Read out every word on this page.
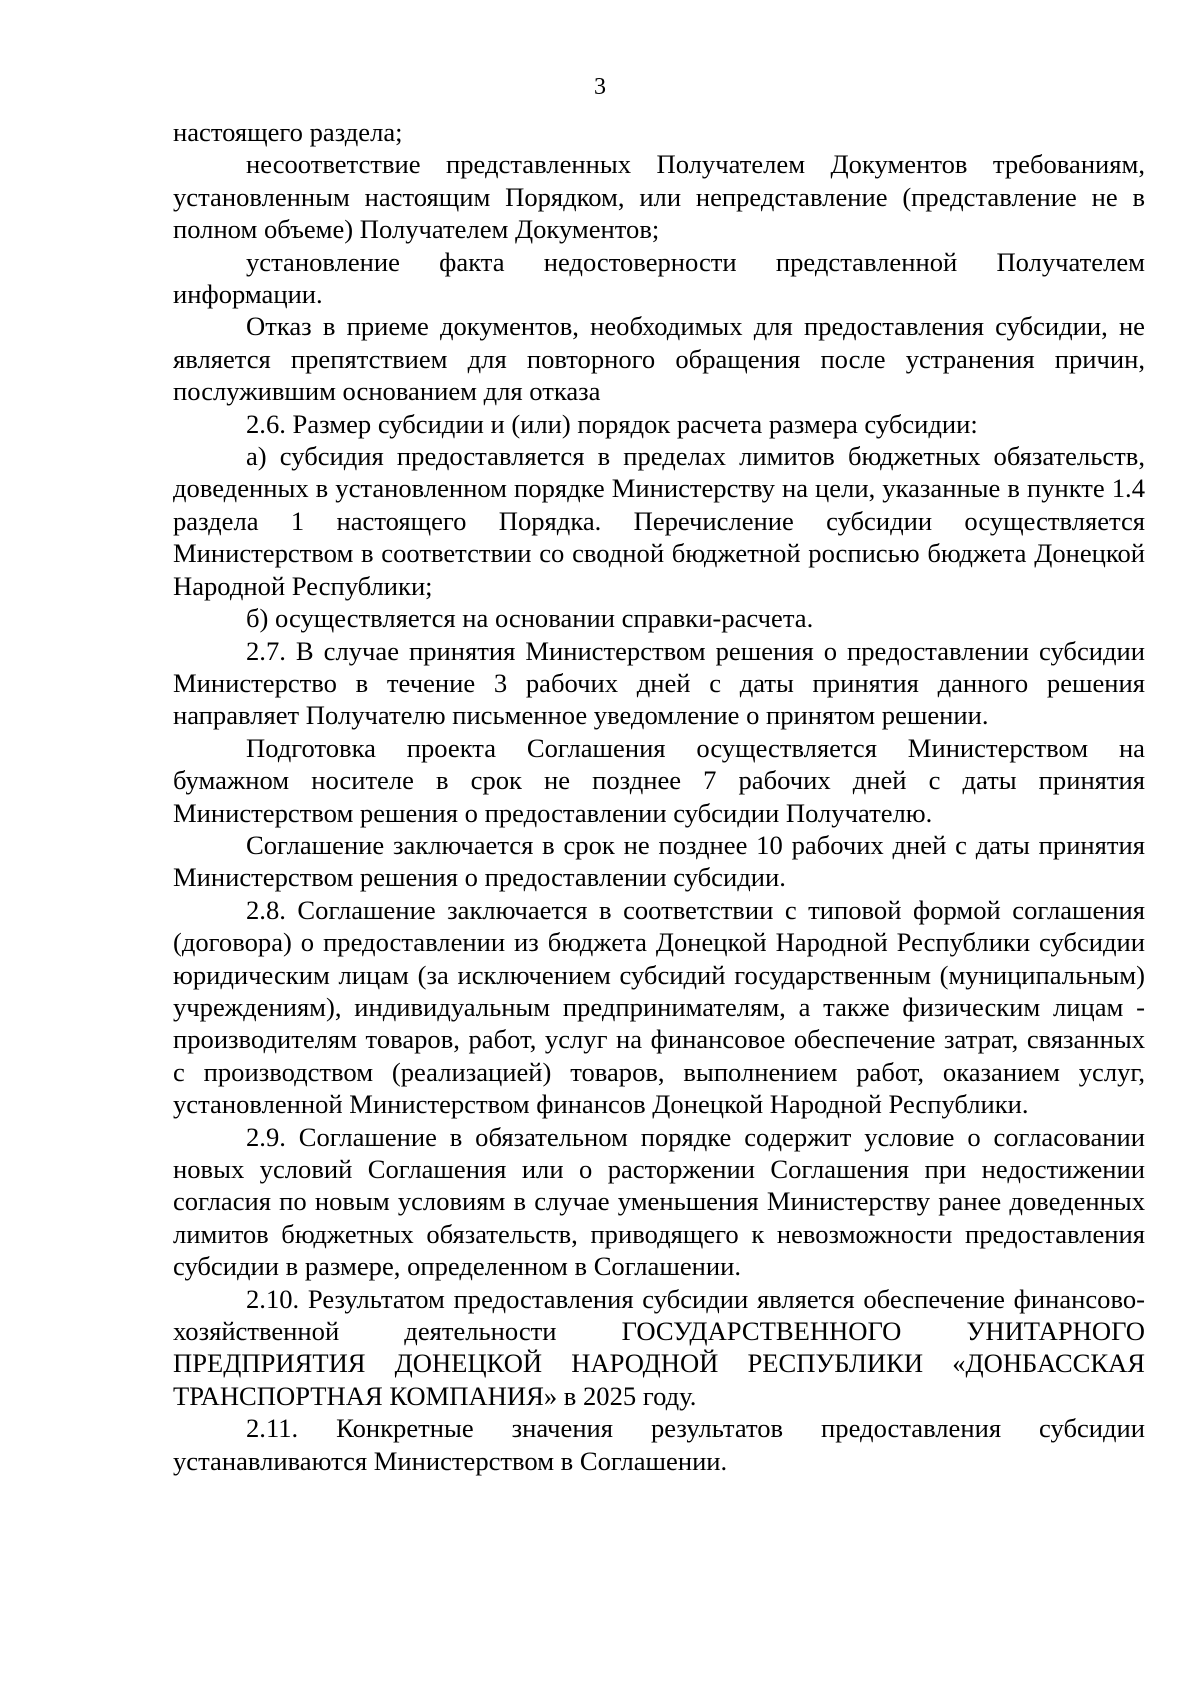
3

настоящего раздела;

несоответствие представленных Получателем Документов требованиям, установленным настоящим Порядком, или непредставление (представление не в полном объеме) Получателем Документов;

установление факта недостоверности представленной Получателем информации.

Отказ в приеме документов, необходимых для предоставления субсидии, не является препятствием для повторного обращения после устранения причин, послужившим основанием для отказа

2.6. Размер субсидии и (или) порядок расчета размера субсидии:

а) субсидия предоставляется в пределах лимитов бюджетных обязательств, доведенных в установленном порядке Министерству на цели, указанные в пункте 1.4 раздела 1 настоящего Порядка. Перечисление субсидии осуществляется Министерством в соответствии со сводной бюджетной росписью бюджета Донецкой Народной Республики;

б) осуществляется на основании справки-расчета.

2.7. В случае принятия Министерством решения о предоставлении субсидии Министерство в течение 3 рабочих дней с даты принятия данного решения направляет Получателю письменное уведомление о принятом решении.

Подготовка проекта Соглашения осуществляется Министерством на бумажном носителе в срок не позднее 7 рабочих дней с даты принятия Министерством решения о предоставлении субсидии Получателю.

Соглашение заключается в срок не позднее 10 рабочих дней с даты принятия Министерством решения о предоставлении субсидии.

2.8. Соглашение заключается в соответствии с типовой формой соглашения (договора) о предоставлении из бюджета Донецкой Народной Республики субсидии юридическим лицам (за исключением субсидий государственным (муниципальным) учреждениям), индивидуальным предпринимателям, а также физическим лицам - производителям товаров, работ, услуг на финансовое обеспечение затрат, связанных с производством (реализацией) товаров, выполнением работ, оказанием услуг, установленной Министерством финансов Донецкой Народной Республики.

2.9. Соглашение в обязательном порядке содержит условие о согласовании новых условий Соглашения или о расторжении Соглашения при недостижении согласия по новым условиям в случае уменьшения Министерству ранее доведенных лимитов бюджетных обязательств, приводящего к невозможности предоставления субсидии в размере, определенном в Соглашении.

2.10. Результатом предоставления субсидии является обеспечение финансово-хозяйственной деятельности ГОСУДАРСТВЕННОГО УНИТАРНОГО ПРЕДПРИЯТИЯ ДОНЕЦКОЙ НАРОДНОЙ РЕСПУБЛИКИ «ДОНБАССКАЯ ТРАНСПОРТНАЯ КОМПАНИЯ» в 2025 году.

2.11. Конкретные значения результатов предоставления субсидии устанавливаются Министерством в Соглашении.
